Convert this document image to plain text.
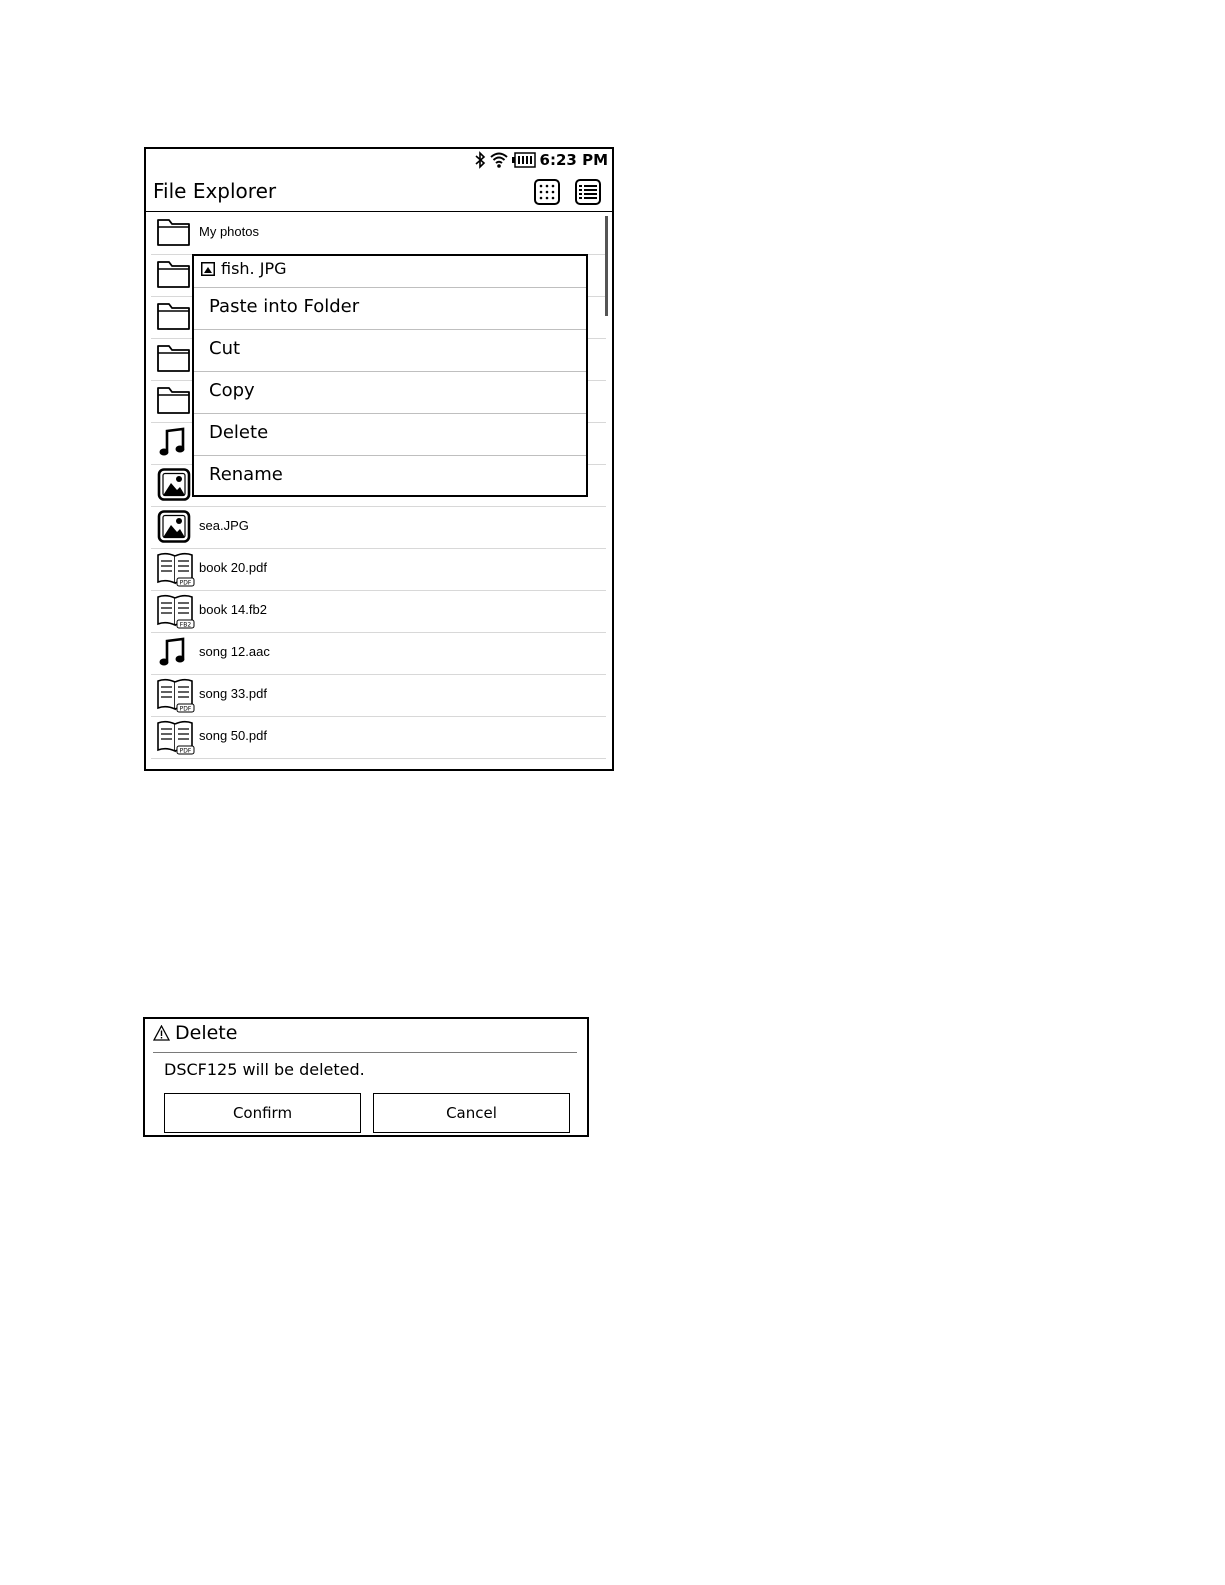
6:23 PM
File Explorer
My photos
sea.JPG
PDF
book 20.pdf
FB2
book 14.fb2
song 12.aac
PDF
song 33.pdf
PDF
song 50.pdf
fish. JPG
Paste into Folder
Cut
Copy
Delete
Rename
Delete
DSCF125 will be deleted.
Confirm	Cancel
